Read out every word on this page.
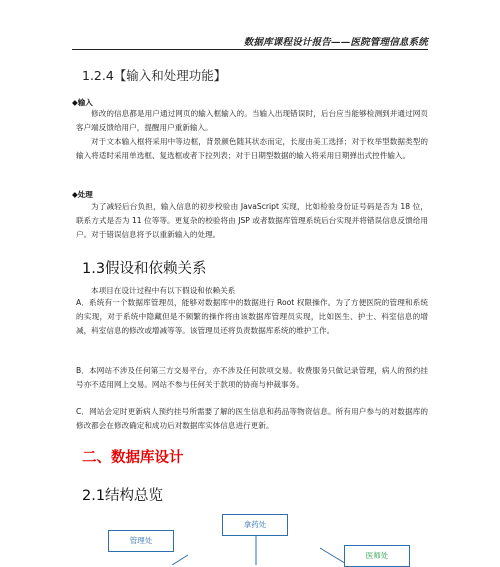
数据库课程设计报告——医院管理信息系统
1.2.4【输入和处理功能】
◆输入

修改的信息都是用户通过网页的输入框输入的。当输入出现错误时，后台应当能够检测到并通过网页客户端反馈给用户，提醒用户重新输入。

对于文本输入框将采用中等边框，背景颜色随其状态而定，长度由美工选择；对于枚举型数据类型的输入将适时采用单选框、复选框或者下拉列表；对于日期型数据的输入将采用日期弹出式控件输入。

◆处理

为了减轻后台负担，输入信息的初步校验由 JavaScript 实现，比如检验身份证号码是否为 18 位，联系方式是否为 11 位等等。更复杂的校验将由 JSP 或者数据库管理系统后台实现并将错误信息反馈给用户。对于错误信息将予以重新输入的处理。

1.3假设和依赖关系

本项目在设计过程中有以下假设和依赖关系

A．系统有一个数据库管理员，能够对数据库中的数据进行 Root 权限操作。为了方便医院的管理和系统的实现，对于系统中隐藏但是不频繁的操作将由该数据库管理员实现，比如医生、护士、科室信息的增减，科室信息的修改或增减等等。该管理员还将负责数据库系统的维护工作。

B．本网站不涉及任何第三方交易平台，亦不涉及任何款项交易。收费服务只做记录管理，病人的预约挂号亦不适用网上交易。网站不参与任何关于款项的协商与仲裁事务。

C．网站会定时更新病人预约挂号所需要了解的医生信息和药品等物资信息。所有用户参与的对数据库的修改都会在修改确定和成功后对数据库实体信息进行更新。

二、数据库设计
2.1结构总览
拿药处
管理处
医师处
